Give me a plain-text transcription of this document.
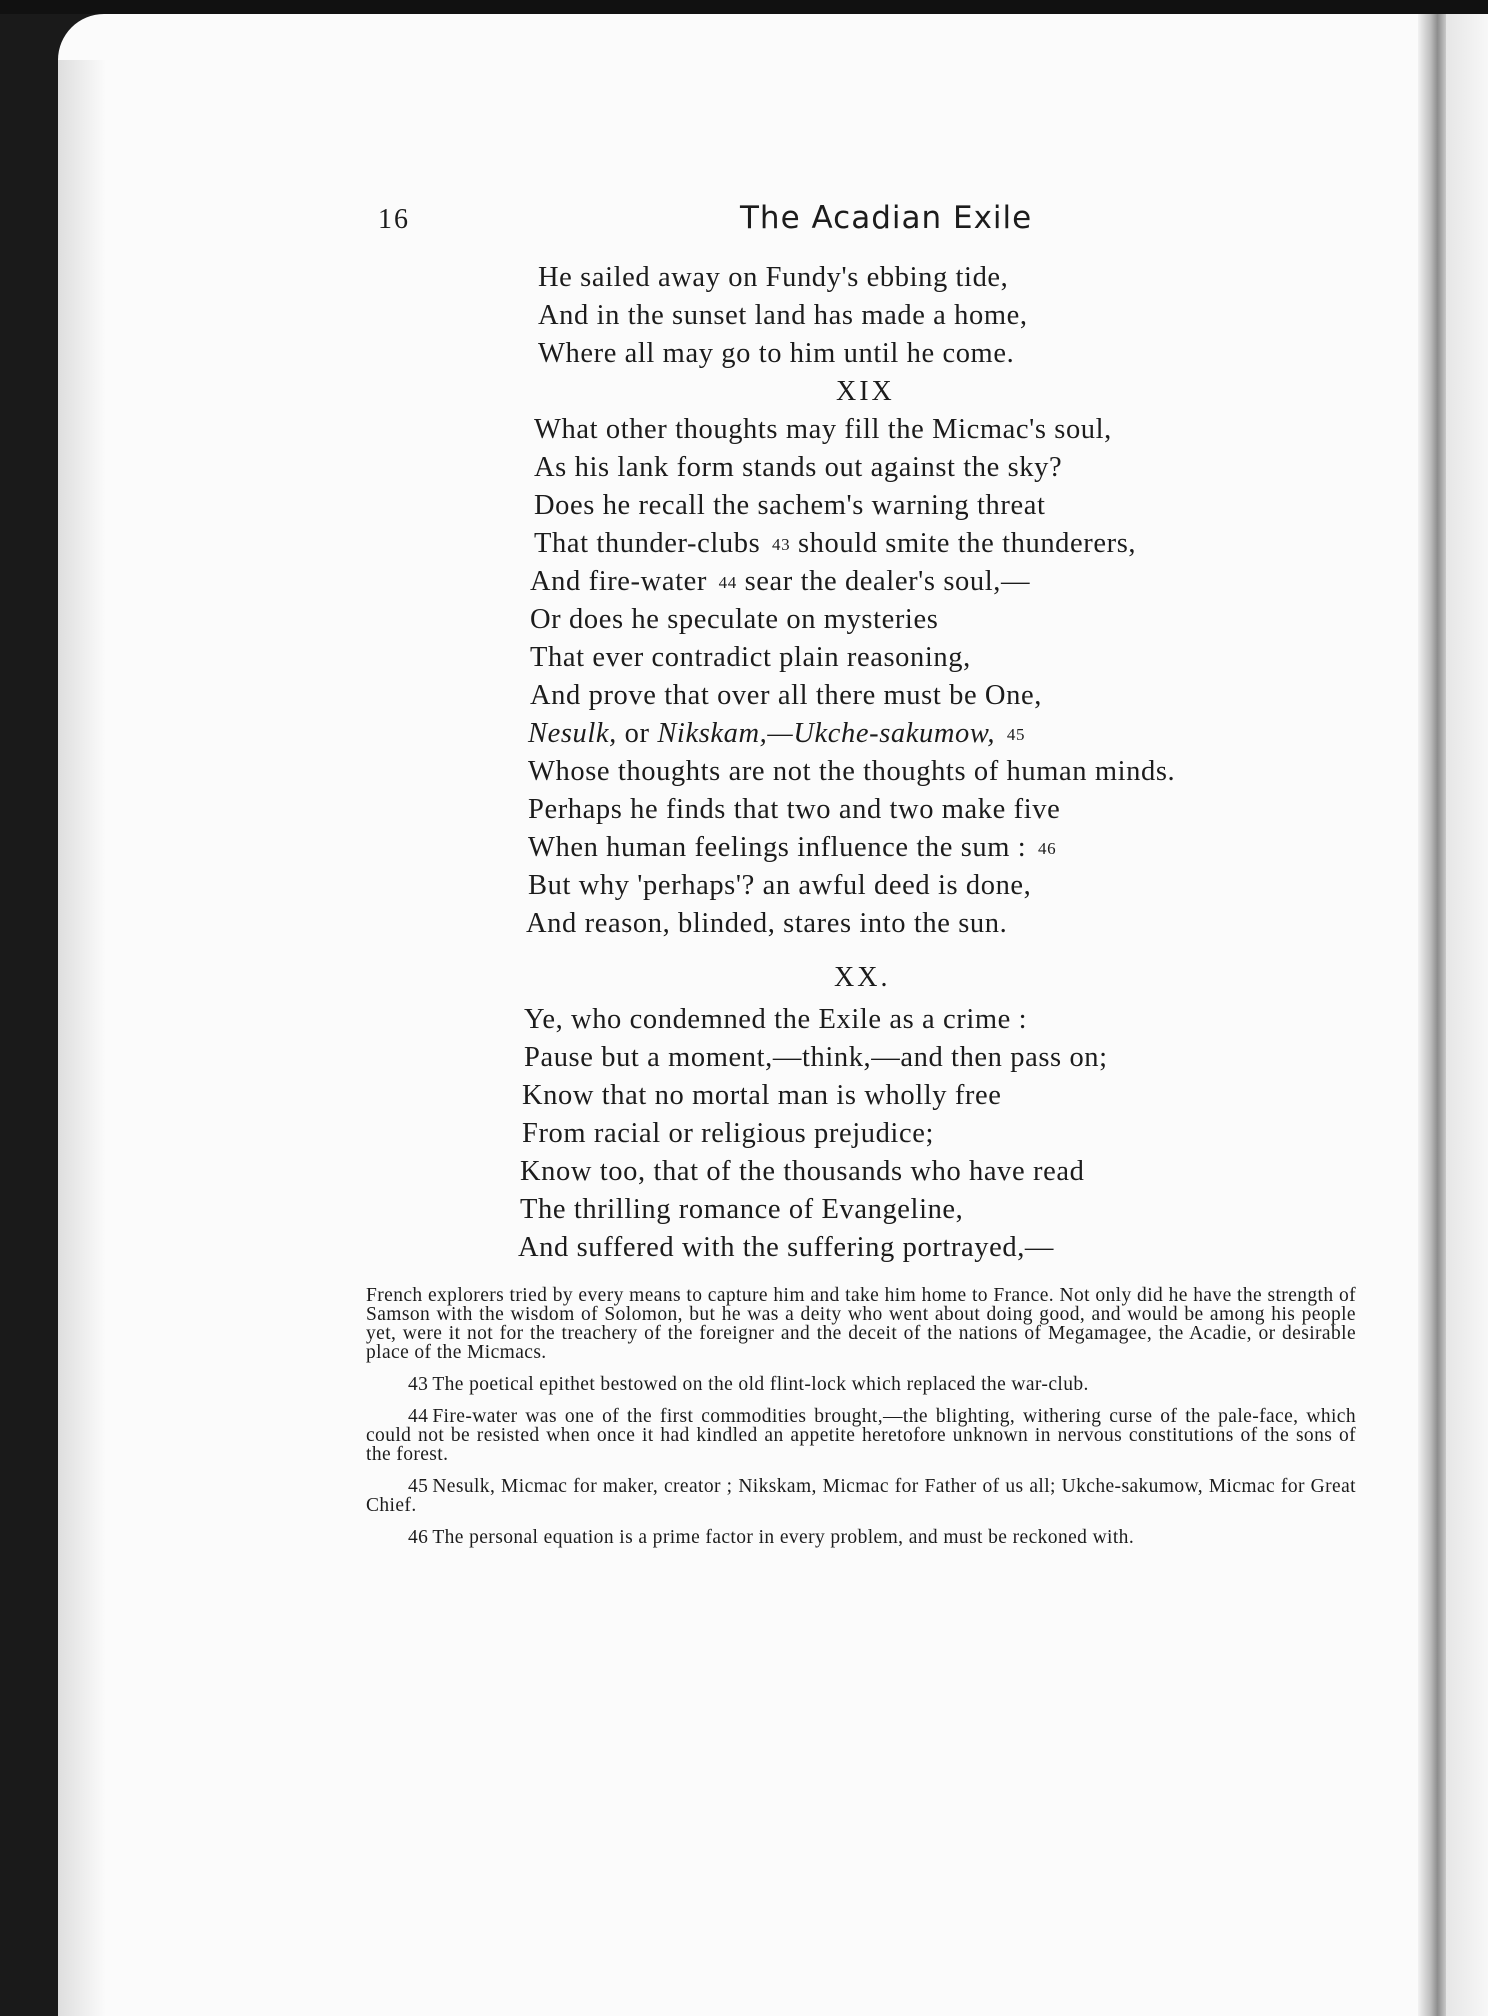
16	The Acadian Exile
He sailed away on Fundy's ebbing tide,
And in the sunset land has made a home,
Where all may go to him until he come.
XIX
What other thoughts may fill the Micmac's soul,
As his lank form stands out against the sky?
Does he recall the sachem's warning threat
That thunder-clubs 43 should smite the thunderers,
And fire-water 44 sear the dealer's soul,—
Or does he speculate on mysteries
That ever contradict plain reasoning,
And prove that over all there must be One,
Nesulk, or Nikskam,—Ukche-sakumow, 45
Whose thoughts are not the thoughts of human minds.
Perhaps he finds that two and two make five
When human feelings influence the sum : 46
But why 'perhaps'? an awful deed is done,
And reason, blinded, stares into the sun.
XX.
Ye, who condemned the Exile as a crime :
Pause but a moment,—think,—and then pass on;
Know that no mortal man is wholly free
From racial or religious prejudice;
Know too, that of the thousands who have read
The thrilling romance of Evangeline,
And suffered with the suffering portrayed,—

French explorers tried by every means to capture him and take him home to France. Not only did he have the strength of Samson with the wisdom of Solomon, but he was a deity who went about doing good, and would be among his people yet, were it not for the treachery of the foreigner and the deceit of the nations of Megamagee, the Acadie, or desirable place of the Micmacs.

43 The poetical epithet bestowed on the old flint-lock which replaced the war-club.

44 Fire-water was one of the first commodities brought,—the blighting, withering curse of the pale-face, which could not be resisted when once it had kindled an appetite heretofore unknown in nervous constitutions of the sons of the forest.

45 Nesulk, Micmac for maker, creator ; Nikskam, Micmac for Father of us all; Ukche-sakumow, Micmac for Great Chief.

46 The personal equation is a prime factor in every problem, and must be reckoned with.
